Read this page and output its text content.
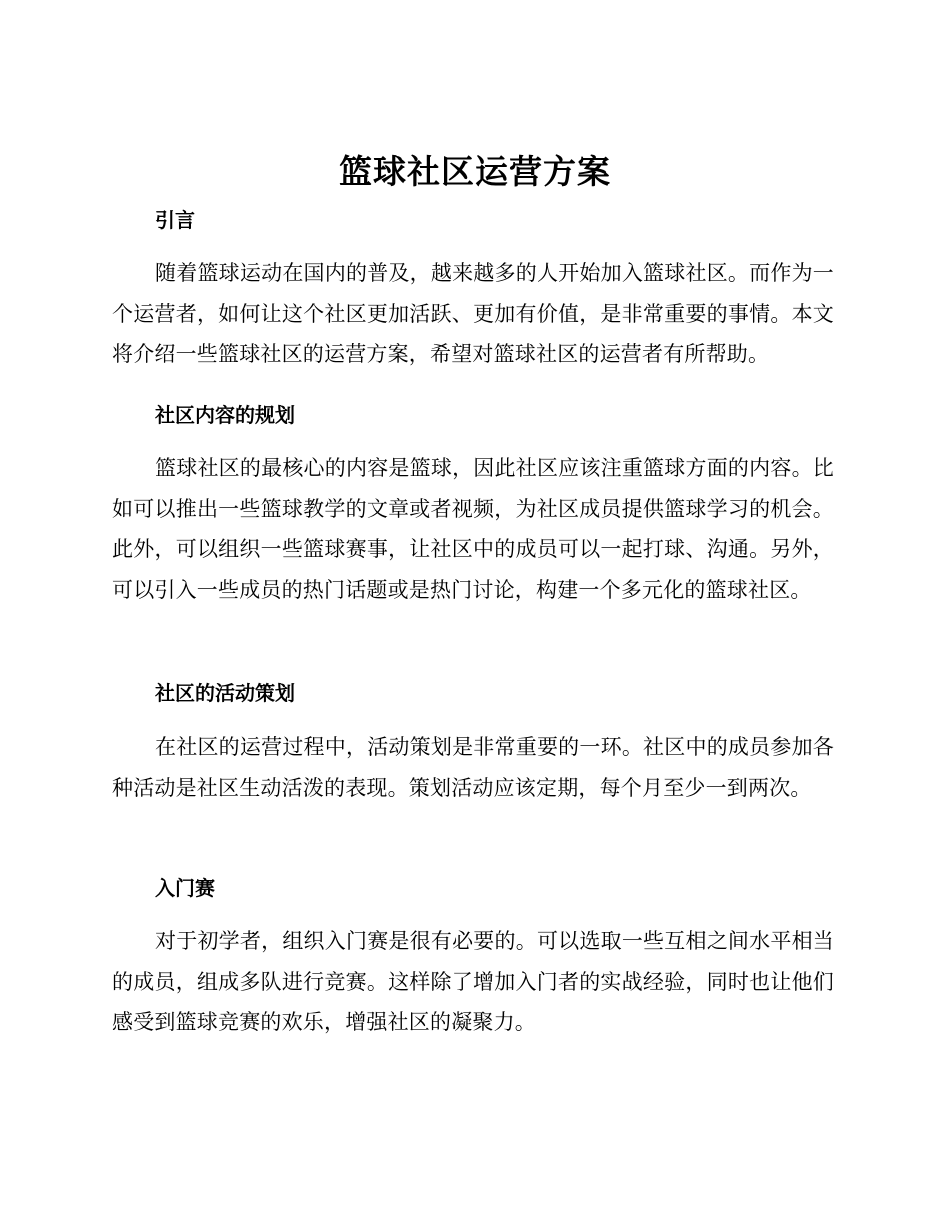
篮球社区运营方案
引言
随着篮球运动在国内的普及，越来越多的人开始加入篮球社区。而作为一个运营者，如何让这个社区更加活跃、更加有价值，是非常重要的事情。本文将介绍一些篮球社区的运营方案，希望对篮球社区的运营者有所帮助。
社区内容的规划
篮球社区的最核心的内容是篮球，因此社区应该注重篮球方面的内容。比如可以推出一些篮球教学的文章或者视频，为社区成员提供篮球学习的机会。此外，可以组织一些篮球赛事，让社区中的成员可以一起打球、沟通。另外，可以引入一些成员的热门话题或是热门讨论，构建一个多元化的篮球社区。
社区的活动策划
在社区的运营过程中，活动策划是非常重要的一环。社区中的成员参加各种活动是社区生动活泼的表现。策划活动应该定期，每个月至少一到两次。
入门赛
对于初学者，组织入门赛是很有必要的。可以选取一些互相之间水平相当的成员，组成多队进行竞赛。这样除了增加入门者的实战经验，同时也让他们感受到篮球竞赛的欢乐，增强社区的凝聚力。
